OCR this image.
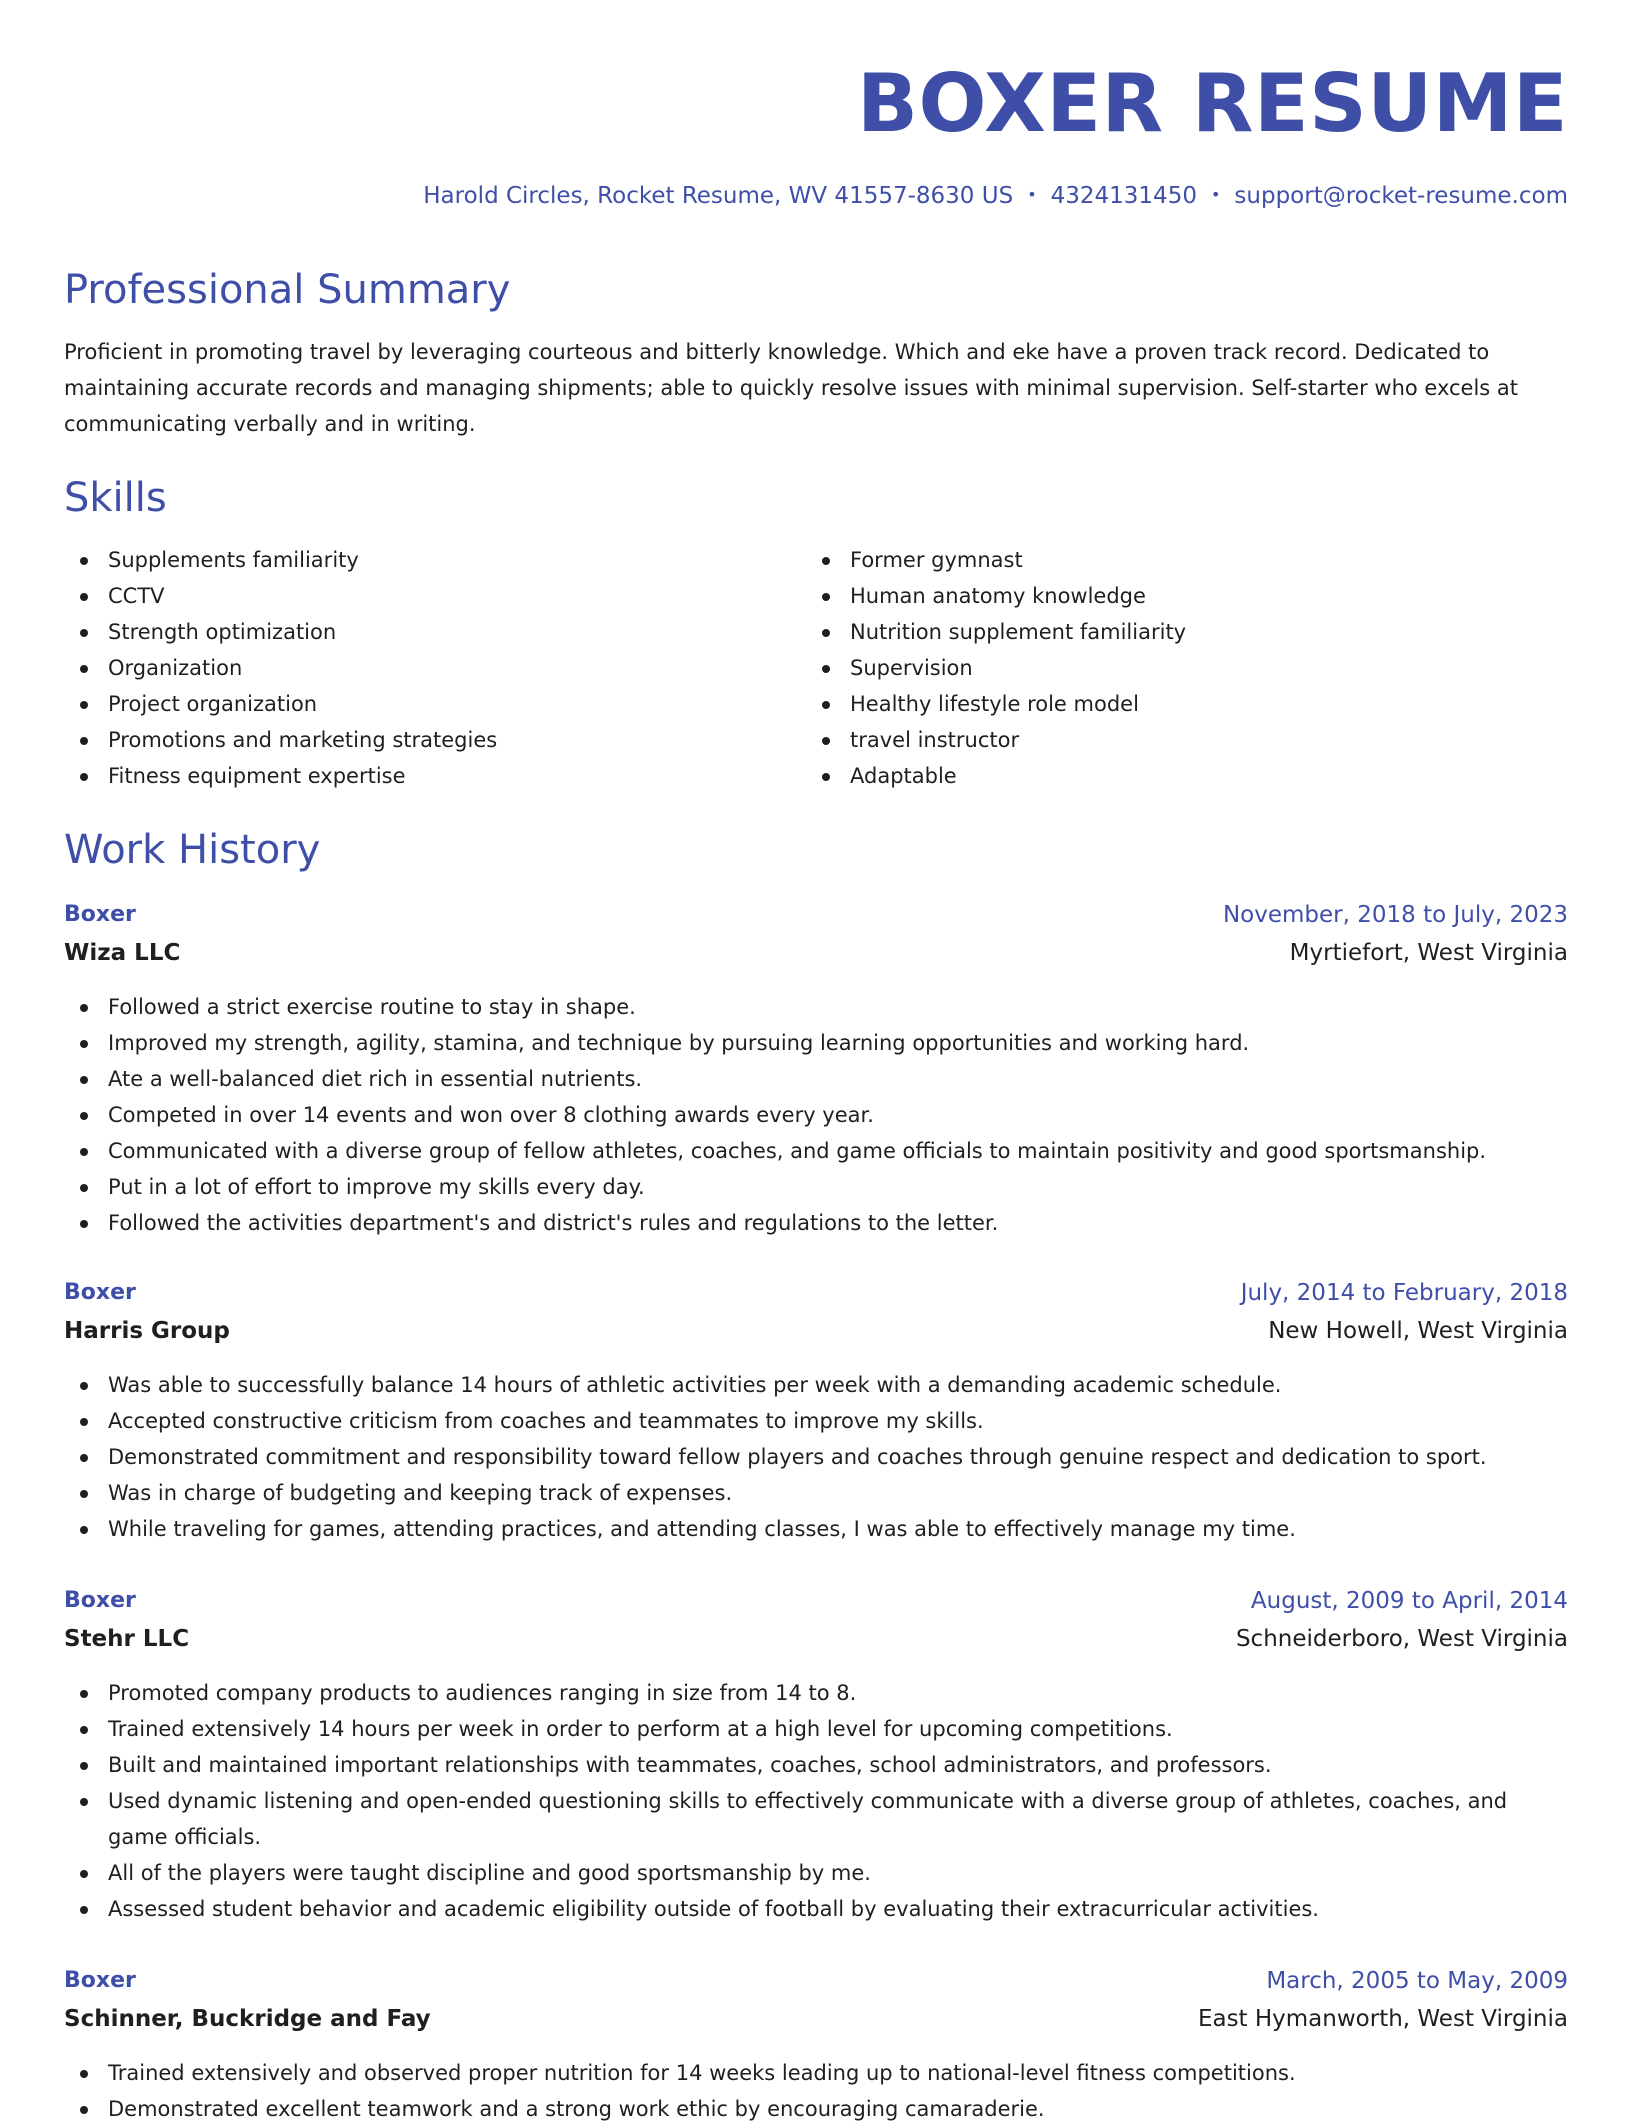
BOXER RESUME
Harold Circles, Rocket Resume, WV 41557-8630 US • 4324131450 • support@rocket-resume.com
Professional Summary

Proficient in promoting travel by leveraging courteous and bitterly knowledge. Which and eke have a proven track record. Dedicated to maintaining accurate records and managing shipments; able to quickly resolve issues with minimal supervision. Self-starter who excels at communicating verbally and in writing.

Skills
Supplements familiarity
CCTV
Strength optimization
Organization
Project organization
Promotions and marketing strategies
Fitness equipment expertise
Former gymnast
Human anatomy knowledge
Nutrition supplement familiarity
Supervision
Healthy lifestyle role model
travel instructor
Adaptable
Work History
Boxer	November, 2018 to July, 2023
Wiza LLC	Myrtiefort, West Virginia
Followed a strict exercise routine to stay in shape.
Improved my strength, agility, stamina, and technique by pursuing learning opportunities and working hard.
Ate a well-balanced diet rich in essential nutrients.
Competed in over 14 events and won over 8 clothing awards every year.
Communicated with a diverse group of fellow athletes, coaches, and game officials to maintain positivity and good sportsmanship.
Put in a lot of effort to improve my skills every day.
Followed the activities department's and district's rules and regulations to the letter.
Boxer	July, 2014 to February, 2018
Harris Group	New Howell, West Virginia
Was able to successfully balance 14 hours of athletic activities per week with a demanding academic schedule.
Accepted constructive criticism from coaches and teammates to improve my skills.
Demonstrated commitment and responsibility toward fellow players and coaches through genuine respect and dedication to sport.
Was in charge of budgeting and keeping track of expenses.
While traveling for games, attending practices, and attending classes, I was able to effectively manage my time.
Boxer	August, 2009 to April, 2014
Stehr LLC	Schneiderboro, West Virginia
Promoted company products to audiences ranging in size from 14 to 8.
Trained extensively 14 hours per week in order to perform at a high level for upcoming competitions.
Built and maintained important relationships with teammates, coaches, school administrators, and professors.
Used dynamic listening and open-ended questioning skills to effectively communicate with a diverse group of athletes, coaches, and game officials.
All of the players were taught discipline and good sportsmanship by me.
Assessed student behavior and academic eligibility outside of football by evaluating their extracurricular activities.
Boxer	March, 2005 to May, 2009
Schinner, Buckridge and Fay	East Hymanworth, West Virginia
Trained extensively and observed proper nutrition for 14 weeks leading up to national-level fitness competitions.
Demonstrated excellent teamwork and a strong work ethic by encouraging camaraderie.
